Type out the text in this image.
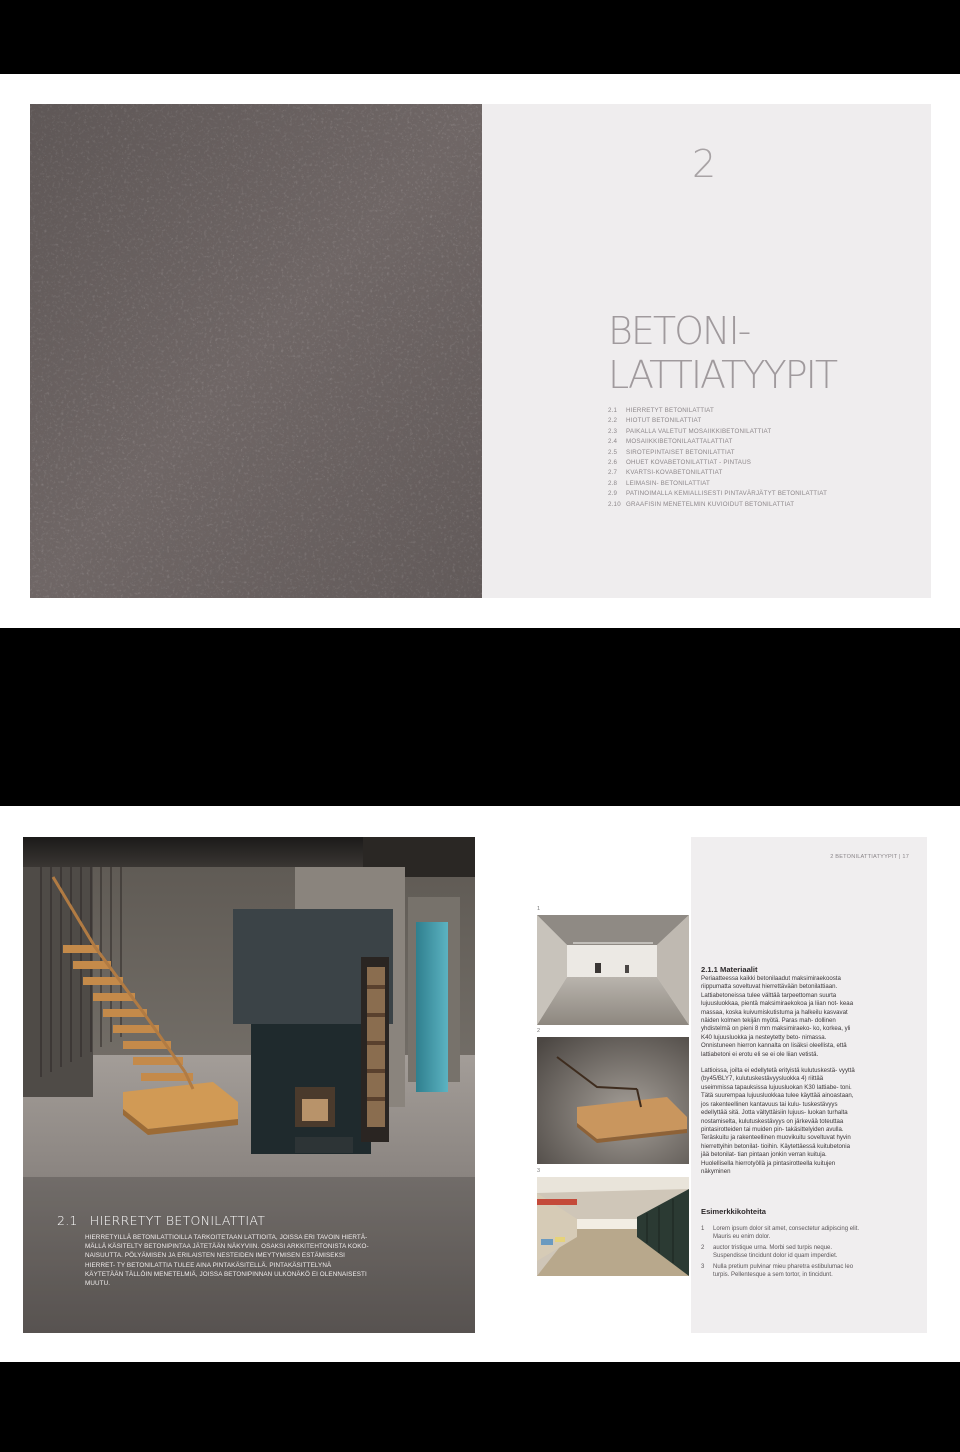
2
BETONI-
LATTIATYYPIT
2.1 HIERRETYT BETONILATTIAT
2.2 HIOTUT BETONILATTIAT
2.3 PAIKALLA VALETUT MOSAIIKKIBETONILATTIAT
2.4 MOSAIIKKIBETONILAATTALATTIAT
2.5 SIROTEPINTAISET BETONILATTIAT
2.6 OHUET KOVABETONILATTIAT - PINTAUS
2.7 KVARTSI-KOVABETONILATTIAT
2.8 LEIMASIN- BETONILATTIAT
2.9 PATINOIMALLA KEMIALLISESTI PINTAVÄRJÄTYT BETONILATTIAT
2.10 GRAAFISIN MENETELMIN KUVIOIDUT BETONILATTIAT
2.1 HIERRETYT BETONILATTIAT
HIERRETYILLÄ BETONILATTIOILLA TARKOITETAAN LATTIOITA, JOISSA ERI TAVOIN HIERTÄ- MÄLLÄ KÄSITELTY BETONIPINTAA JÄTETÄÄN NÄKYVIIN. OSAKSI ARKKITEHTONISTA KOKO- NAISUUTTA. PÖLYÄMISEN JA ERILAISTEN NESTEIDEN IMEYTYMISEN ESTÄMISEKSI HIERRET- TY BETONILATTIA TULEE AINA PINTAKÄSITELLÄ. PINTAKÄSITTELYNÄ KÄYTETÄÄN TÄLLÖIN MENETELMIÄ, JOISSA BETONIPINNAN ULKONÄKÖ EI OLENNAISESTI MUUTU.
1
2
3
2 BETONILATTIATYYPIT | 17
2.1.1 Materiaalit

Periaatteessa kaikki betonilaadut maksimiraekoosta riippumatta soveltuvat hierrettävään betonilattiaan. Lattiabetoneissa tulee välttää tarpeettoman suurta lujuusluokkaa, pientä maksimiraekokoa ja liian not- keaa massaa, koska kuivumiskutistuma ja halkeilu kasvavat näiden kolmen tekijän myötä. Paras mah- dollinen yhdistelmä on pieni 8 mm maksimiraeko- ko, korkea, yli K40 lujuusluokka ja nesteytetty beto- nimassa. Onnistuneen hierron kannalta on lisäksi oleellista, että lattiabetoni ei erotu eli se ei ole liian vetistä.

Lattioissa, joilta ei edellytetä erityistä kulutuskestä- vyyttä (by45/BLY7, kulutuskestävyysluokka 4) riittää useimmissa tapauksissa lujuusluokan K30 lattiabe- toni. Tätä suurempaa lujuusluokkaa tulee käyttää ainoastaan, jos rakenteellinen kantavuus tai kulu- tuskestävyys edellyttää sitä. Jotta vältyttäisiin lujuus- luokan turhalta nostamiselta, kulutuskestävyys on järkevää toteuttaa pintasirotteiden tai muiden pin- takäsittelyiden avulla. Teräskuitu ja rakenteellinen muovikuitu soveltuvat hyvin hierrettyihin betonilat- tioihin. Käytettäessä kuitubetonia jää betonilat- tian pintaan jonkin verran kuituja. Huolellisella hierrotyöllä ja pintasirotteella kuitujen näkyminen

Esimerkkikohteita
1 Lorem ipsum dolor sit amet, consectetur adipiscing elit. Mauris eu enim dolor.
2 auctor tristique urna. Morbi sed turpis neque. Suspendisse tincidunt dolor id quam imperdiet.
3 Nulla pretium pulvinar mieu pharetra estibulumac leo turpis. Pellentesque a sem tortor, in tincidunt.
